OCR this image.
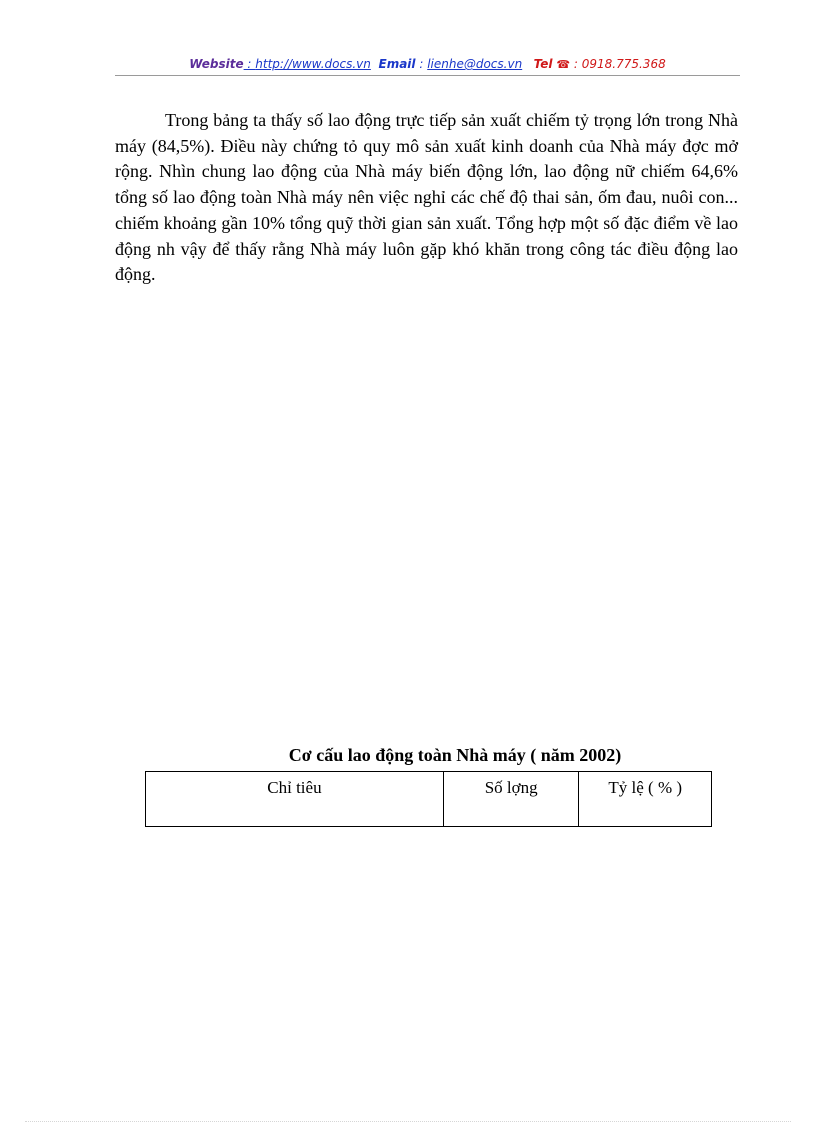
Website : http://www.docs.vn Email : lienhe@docs.vn Tel ☎ : 0918.775.368

Trong bảng ta thấy số lao động trực tiếp sản xuất chiếm tỷ trọng lớn trong Nhà máy (84,5%). Điều này chứng tỏ quy mô sản xuất kinh doanh của Nhà máy đợc mở rộng. Nhìn chung lao động của Nhà máy biến động lớn, lao động nữ chiếm 64,6% tổng số lao động toàn Nhà máy nên việc nghỉ các chế độ thai sản, ốm đau, nuôi con... chiếm khoảng gần 10% tổng quỹ thời gian sản xuất. Tổng hợp một số đặc điểm về lao động nh vậy để thấy rằng Nhà máy luôn gặp khó khăn trong công tác điều động lao động.

Cơ cấu lao động toàn Nhà máy ( năm 2002)
Chỉ tiêu	Số lợng	Tỷ lệ ( % )
